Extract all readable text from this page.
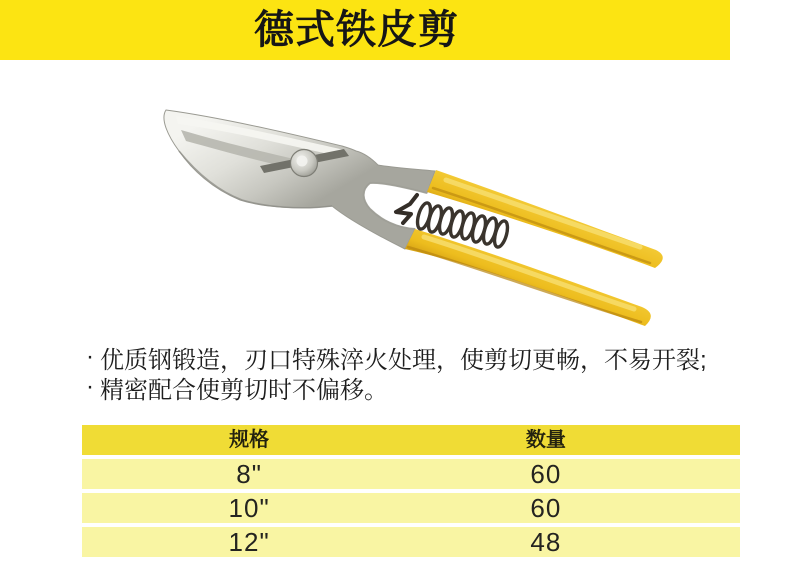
德式铁皮剪
· 优质钢锻造，刃口特殊淬火处理，使剪切更畅，不易开裂;
· 精密配合使剪切时不偏移。
规格	数量
8"	60
10"	60
12"	48
